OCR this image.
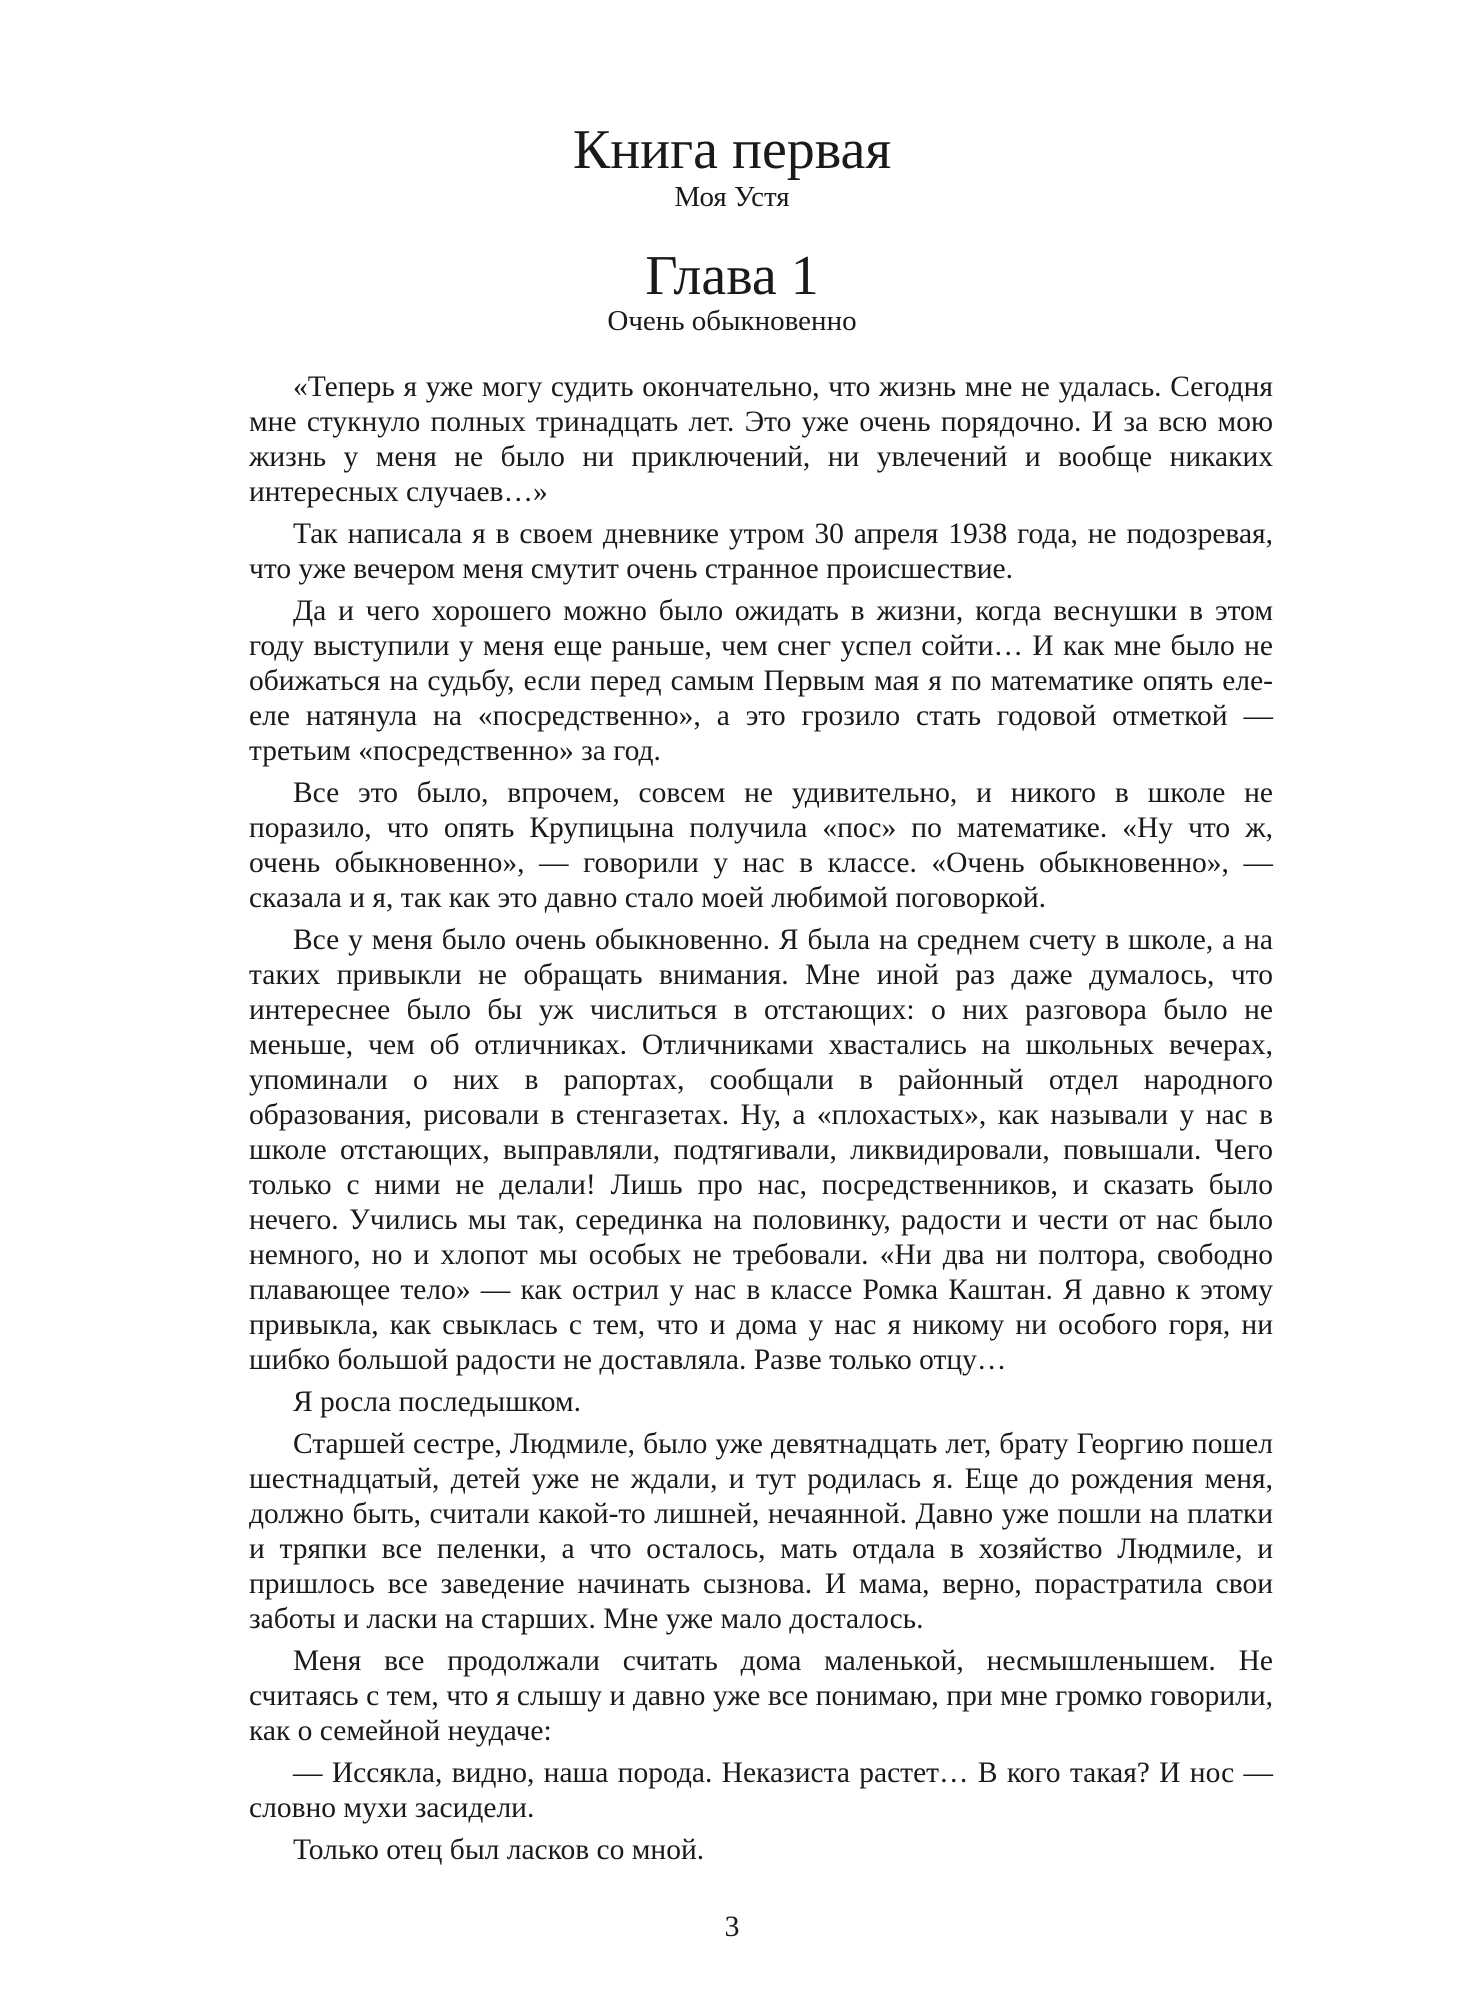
Книга первая
Моя Устя
Глава 1
Очень обыкновенно

«Теперь я уже могу судить окончательно, что жизнь мне не удалась. Сегодня мне стукнуло полных тринадцать лет. Это уже очень порядочно. И за всю мою жизнь у меня не было ни приключений, ни увлечений и вообще никаких интересных случаев…»

Так написала я в своем дневнике утром 30 апреля 1938 года, не подозревая, что уже вечером меня смутит очень странное происшествие.

Да и чего хорошего можно было ожидать в жизни, когда веснушки в этом году выступили у меня еще раньше, чем снег успел сойти… И как мне было не обижаться на судьбу, если перед самым Первым мая я по математике опять еле-еле натянула на «посредственно», а это грозило стать годовой отметкой — третьим «посредственно» за год.

Все это было, впрочем, совсем не удивительно, и никого в школе не поразило, что опять Крупицына получила «пос» по математике. «Ну что ж, очень обыкновенно», — говорили у нас в классе. «Очень обыкновенно», — сказала и я, так как это давно стало моей любимой поговоркой.

Все у меня было очень обыкновенно. Я была на среднем счету в школе, а на таких привыкли не обращать внимания. Мне иной раз даже думалось, что интереснее было бы уж числиться в отстающих: о них разговора было не меньше, чем об отличниках. Отличниками хвастались на школьных вечерах, упоминали о них в рапортах, сообщали в районный отдел народного образования, рисовали в стенгазетах. Ну, а «плохастых», как называли у нас в школе отстающих, выправляли, подтягивали, ликвидировали, повышали. Чего только с ними не делали! Лишь про нас, посредственников, и сказать было нечего. Учились мы так, серединка на половинку, радости и чести от нас было немного, но и хлопот мы особых не требовали. «Ни два ни полтора, свободно плавающее тело» — как острил у нас в классе Ромка Каштан. Я давно к этому привыкла, как свыклась с тем, что и дома у нас я никому ни особого горя, ни шибко большой радости не доставляла. Разве только отцу…

Я росла последышком.

Старшей сестре, Людмиле, было уже девятнадцать лет, брату Георгию пошел шестнадцатый, детей уже не ждали, и тут родилась я. Еще до рождения меня, должно быть, считали какой-то лишней, нечаянной. Давно уже пошли на платки и тряпки все пеленки, а что осталось, мать отдала в хозяйство Людмиле, и пришлось все заведение начинать сызнова. И мама, верно, порастратила свои заботы и ласки на старших. Мне уже мало досталось.

Меня все продолжали считать дома маленькой, несмышленышем. Не считаясь с тем, что я слышу и давно уже все понимаю, при мне громко говорили, как о семейной неудаче:

— Иссякла, видно, наша порода. Неказиста растет… В кого такая? И нос — словно мухи засидели.

Только отец был ласков со мной.

3
